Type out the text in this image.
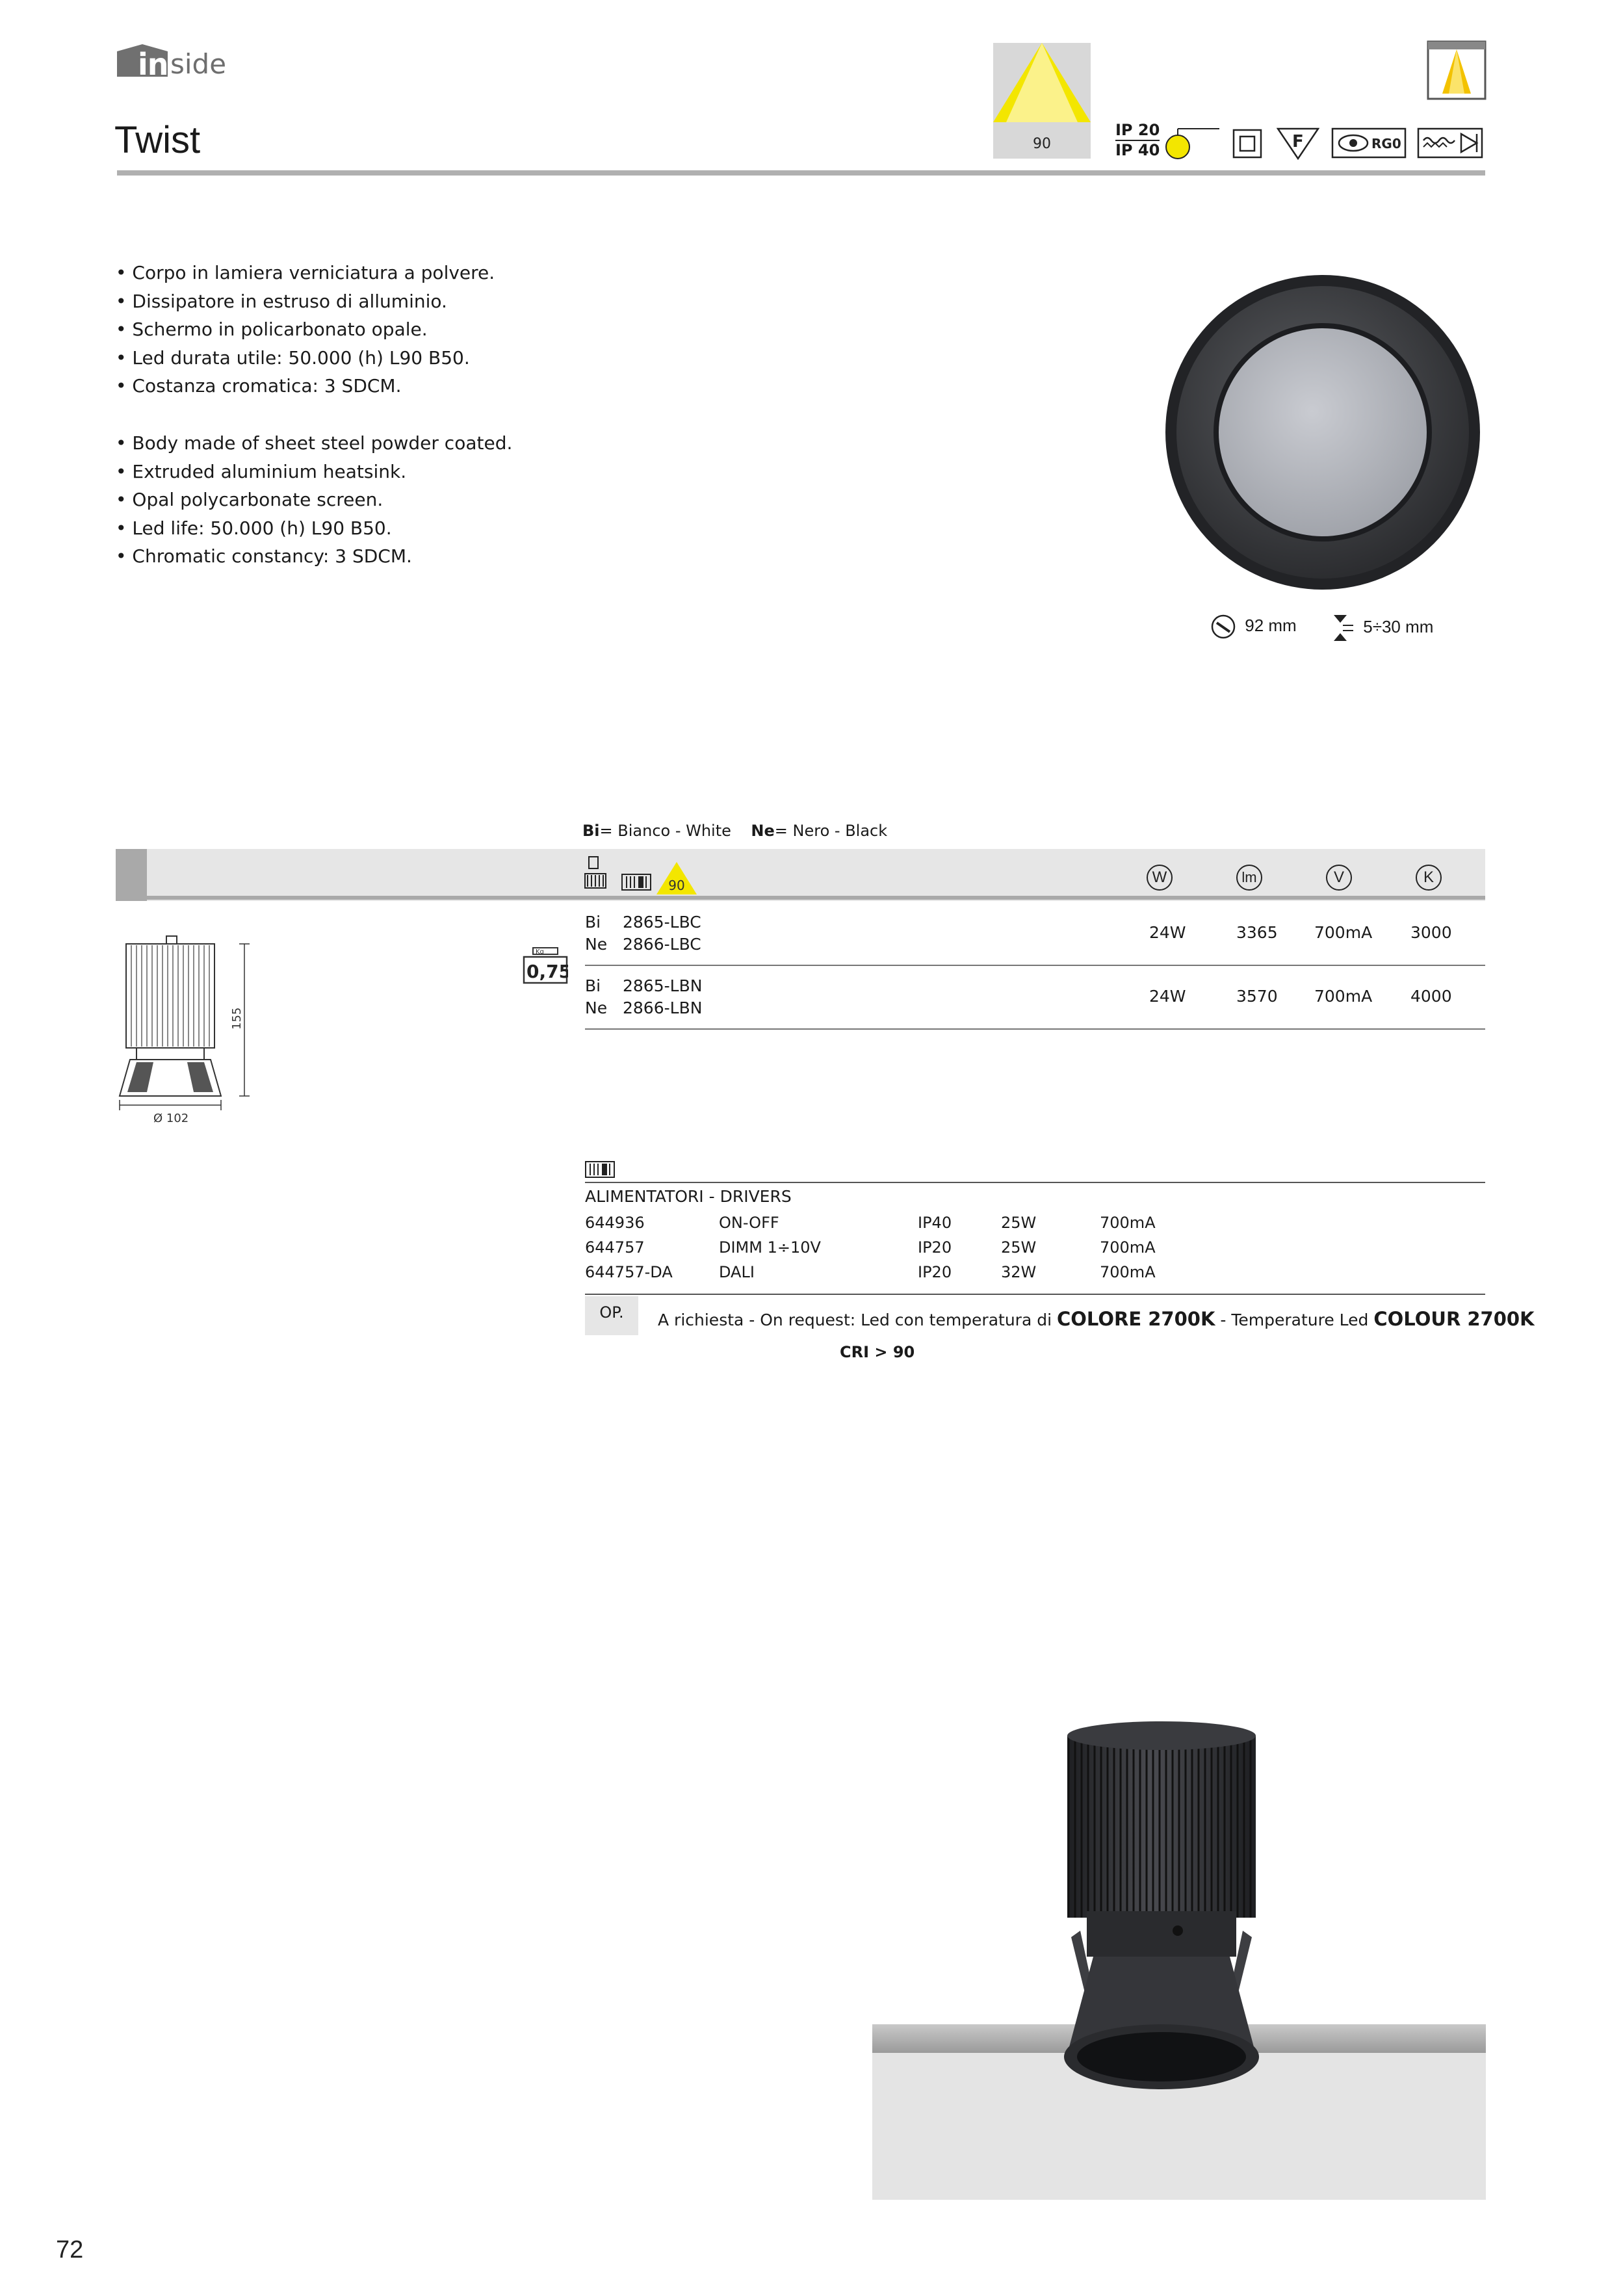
in side
Twist	90
IP 20
IP 40	F	RG0
• Corpo in lamiera verniciatura a polvere.
• Dissipatore in estruso di alluminio.
• Schermo in policarbonato opale.
• Led durata utile: 50.000 (h) L90 B50.
• Costanza cromatica: 3 SDCM.
• Body made of sheet steel powder coated.
• Extruded aluminium heatsink.
• Opal polycarbonate screen.
• Led life: 50.000 (h) L90 B50.
• Chromatic constancy: 3 SDCM.
92 mm	5÷30 mm
Bi= Bianco - White Ne= Nero - Black
90	W	lm	V	K
Bi 2865-LBC
Ne 2866-LBC
24W	3365 700mA 3000
Bi 2865-LBN
Ne 2866-LBN
24W	3570 700mA 4000
155
Ø 102
Kg
0,75
ALIMENTATORI - DRIVERS
644936	ON-OFF	IP40	25W	700mA
644757	DIMM 1÷10V	IP20	25W	700mA
644757-DA	DALI	IP20	32W	700mA
OP.	A richiesta - On request: Led con temperatura di COLORE 2700K - Temperature Led COLOUR 2700K
CRI > 90
72
